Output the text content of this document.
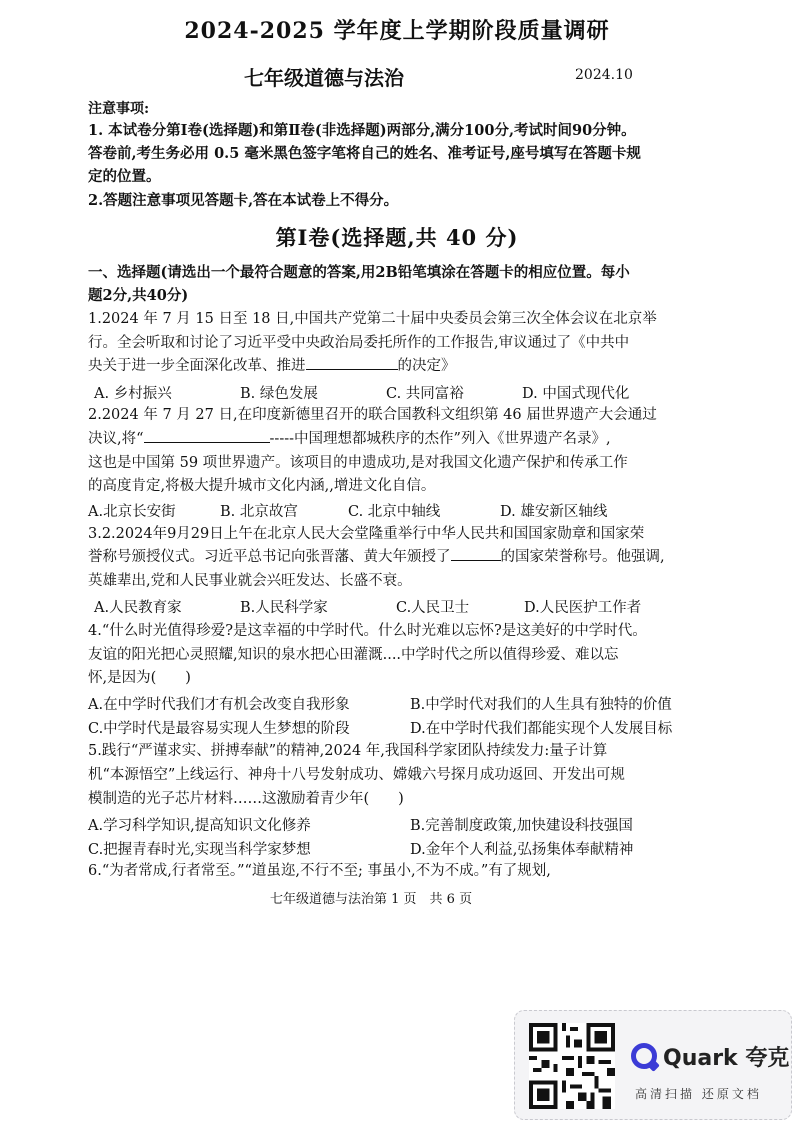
2024-2025 学年度上学期阶段质量调研
七年级道德与法治	2024.10
注意事项:
1. 本试卷分第Ⅰ卷(选择题)和第Ⅱ卷(非选择题)两部分,满分100分,考试时间90分钟。
答卷前,考生务必用 0.5 毫米黑色签字笔将自己的姓名、准考证号,座号填写在答题卡规
定的位置。
2.答题注意事项见答题卡,答在本试卷上不得分。
第Ⅰ卷(选择题,共 40 分)
一、选择题(请选出一个最符合题意的答案,用2B铅笔填涂在答题卡的相应位置。每小
题2分,共40分)
1.2024 年 7 月 15 日至 18 日,中国共产党第二十届中央委员会第三次全体会议在北京举
行。全会听取和讨论了习近平受中央政治局委托所作的工作报告,审议通过了《中共中
央关于进一步全面深化改革、推进	的决定》
A. 乡村振兴	B. 绿色发展	C. 共同富裕	D. 中国式现代化
2.2024 年 7 月 27 日,在印度新德里召开的联合国教科文组织第 46 届世界遗产大会通过
决议,将“	-----中国理想都城秩序的杰作”列入《世界遗产名录》,
这也是中国第 59 项世界遗产。该项目的申遗成功,是对我国文化遗产保护和传承工作
的高度肯定,将极大提升城市文化内涵,,增进文化自信。
A.北京长安街	B. 北京故宫	C. 北京中轴线	D. 雄安新区轴线
3.2.2024年9月29日上午在北京人民大会堂隆重举行中华人民共和国国家勋章和国家荣
誉称号颁授仪式。习近平总书记向张晋藩、黄大年颁授了	的国家荣誉称号。他强调,
英雄辈出,党和人民事业就会兴旺发达、长盛不衰。
A.人民教育家	B.人民科学家	C.人民卫士	D.人民医护工作者
4.“什么时光值得珍爱?是这幸福的中学时代。什么时光难以忘怀?是这美好的中学时代。
友谊的阳光把心灵照耀,知识的泉水把心田灌溉....中学时代之所以值得珍爱、难以忘
怀,是因为(　　)
A.在中学时代我们才有机会改变自我形象	B.中学时代对我们的人生具有独特的价值
C.中学时代是最容易实现人生梦想的阶段	D.在中学时代我们都能实现个人发展目标
5.践行“严谨求实、拼搏奉献”的精神,2024 年,我国科学家团队持续发力:量子计算
机“本源悟空”上线运行、神舟十八号发射成功、嫦娥六号探月成功返回、开发出可规
模制造的光子芯片材料……这激励着青少年(　　)
A.学习科学知识,提高知识文化修养	B.完善制度政策,加快建设科技强国
C.把握青春时光,实现当科学家梦想	D.金年个人利益,弘扬集体奉献精神
6.“为者常成,行者常至。”“道虽迩,不行不至; 事虽小,不为不成。”有了规划,
七年级道德与法治第 1 页　共 6 页
Quark 夸克
高清扫描 还原文档
